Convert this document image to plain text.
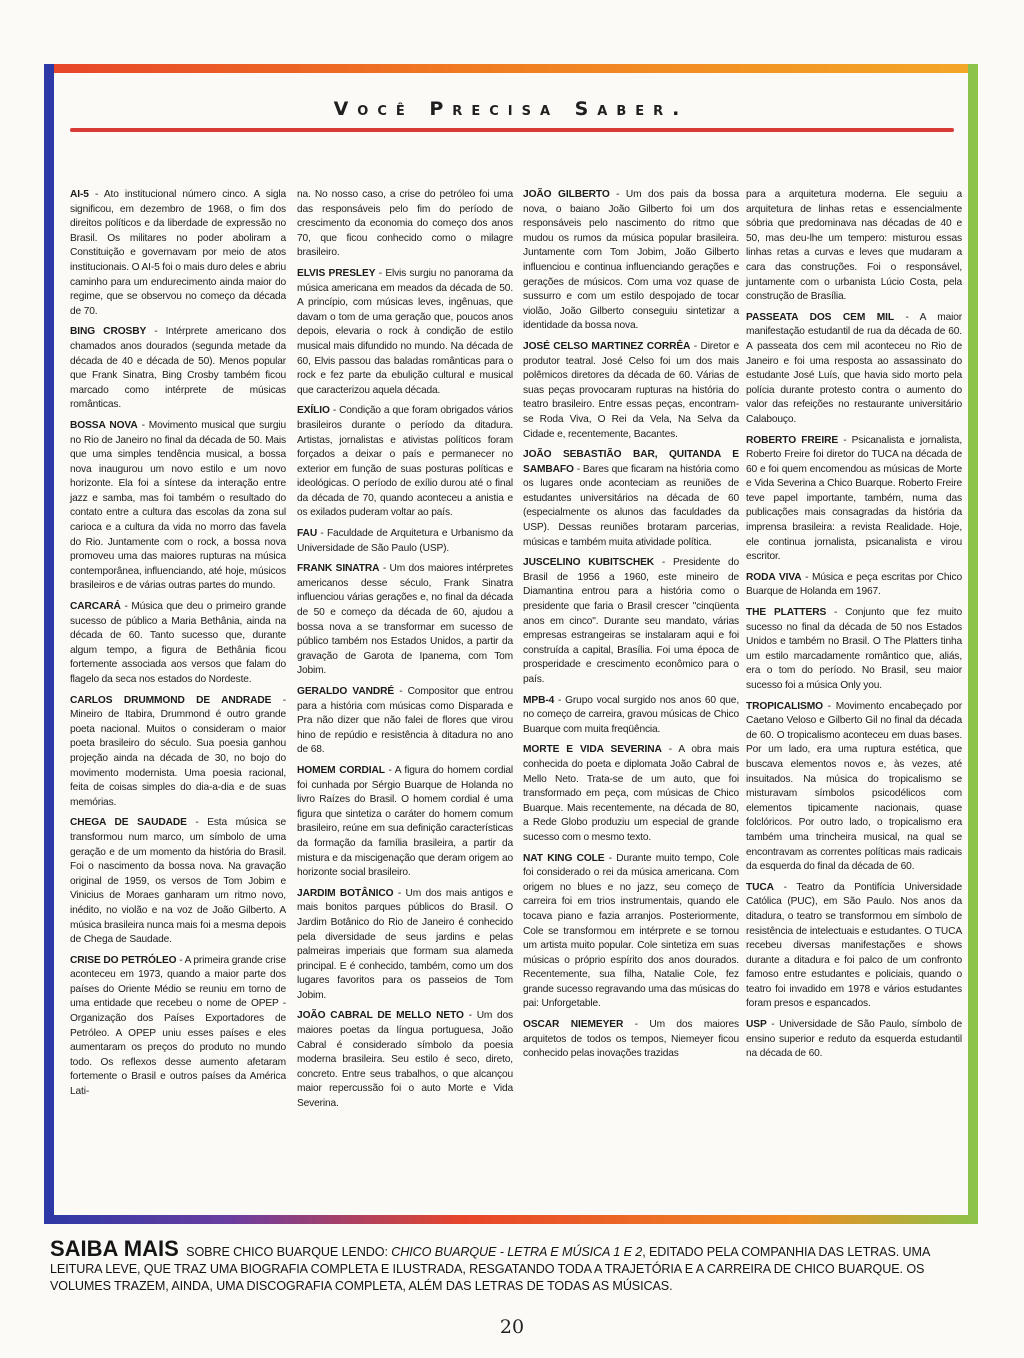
Você Precisa Saber.

AI-5 - Ato institucional número cinco. A sigla significou, em dezembro de 1968, o fim dos direitos políticos e da liberdade de expressão no Brasil. Os militares no poder aboliram a Constituição e governavam por meio de atos institucionais. O AI-5 foi o mais duro deles e abriu caminho para um endurecimento ainda maior do regime, que se observou no começo da década de 70.

BING CROSBY - Intérprete americano dos chamados anos dourados (segunda metade da década de 40 e década de 50). Menos popular que Frank Sinatra, Bing Crosby também ficou marcado como intérprete de músicas românticas.

BOSSA NOVA - Movimento musical que surgiu no Rio de Janeiro no final da década de 50. Mais que uma simples tendência musical, a bossa nova inaugurou um novo estilo e um novo horizonte. Ela foi a síntese da interação entre jazz e samba, mas foi também o resultado do contato entre a cultura das escolas da zona sul carioca e a cultura da vida no morro das favela do Rio. Juntamente com o rock, a bossa nova promoveu uma das maiores rupturas na música contemporânea, influenciando, até hoje, músicos brasileiros e de várias outras partes do mundo.

CARCARÁ - Música que deu o primeiro grande sucesso de público a Maria Bethânia, ainda na década de 60. Tanto sucesso que, durante algum tempo, a figura de Bethânia ficou fortemente associada aos versos que falam do flagelo da seca nos estados do Nordeste.

CARLOS DRUMMOND DE ANDRADE - Mineiro de Itabira, Drummond é outro grande poeta nacional. Muitos o consideram o maior poeta brasileiro do século. Sua poesia ganhou projeção ainda na década de 30, no bojo do movimento modernista. Uma poesia racional, feita de coisas simples do dia-a-dia e de suas memórias.

CHEGA DE SAUDADE - Esta música se transformou num marco, um símbolo de uma geração e de um momento da história do Brasil. Foi o nascimento da bossa nova. Na gravação original de 1959, os versos de Tom Jobim e Vinicius de Moraes ganharam um ritmo novo, inédito, no violão e na voz de João Gilberto. A música brasileira nunca mais foi a mesma depois de Chega de Saudade.

CRISE DO PETRÓLEO - A primeira grande crise aconteceu em 1973, quando a maior parte dos países do Oriente Médio se reuniu em torno de uma entidade que recebeu o nome de OPEP - Organização dos Países Exportadores de Petróleo. A OPEP uniu esses países e eles aumentaram os preços do produto no mundo todo. Os reflexos desse aumento afetaram fortemente o Brasil e outros países da América Lati-

na. No nosso caso, a crise do petróleo foi uma das responsáveis pelo fim do período de crescimento da economia do começo dos anos 70, que ficou conhecido como o milagre brasileiro.

ELVIS PRESLEY - Elvis surgiu no panorama da música americana em meados da década de 50. A princípio, com músicas leves, ingênuas, que davam o tom de uma geração que, poucos anos depois, elevaria o rock à condição de estilo musical mais difundido no mundo. Na década de 60, Elvis passou das baladas românticas para o rock e fez parte da ebulição cultural e musical que caracterizou aquela década.

EXÍLIO - Condição a que foram obrigados vários brasileiros durante o período da ditadura. Artistas, jornalistas e ativistas políticos foram forçados a deixar o país e permanecer no exterior em função de suas posturas políticas e ideológicas. O período de exílio durou até o final da década de 70, quando aconteceu a anistia e os exilados puderam voltar ao país.

FAU - Faculdade de Arquitetura e Urbanismo da Universidade de São Paulo (USP).

FRANK SINATRA - Um dos maiores intérpretes americanos desse século, Frank Sinatra influenciou várias gerações e, no final da década de 50 e começo da década de 60, ajudou a bossa nova a se transformar em sucesso de público também nos Estados Unidos, a partir da gravação de Garota de Ipanema, com Tom Jobim.

GERALDO VANDRÉ - Compositor que entrou para a história com músicas como Disparada e Pra não dizer que não falei de flores que virou hino de repúdio e resistência à ditadura no ano de 68.

HOMEM CORDIAL - A figura do homem cordial foi cunhada por Sérgio Buarque de Holanda no livro Raízes do Brasil. O homem cordial é uma figura que sintetiza o caráter do homem comum brasileiro, reúne em sua definição características da formação da família brasileira, a partir da mistura e da miscigenação que deram origem ao horizonte social brasileiro.

JARDIM BOTÂNICO - Um dos mais antigos e mais bonitos parques públicos do Brasil. O Jardim Botânico do Rio de Janeiro é conhecido pela diversidade de seus jardins e pelas palmeiras imperiais que formam sua alameda principal. E é conhecido, também, como um dos lugares favoritos para os passeios de Tom Jobim.

JOÃO CABRAL DE MELLO NETO - Um dos maiores poetas da língua portuguesa, João Cabral é considerado símbolo da poesia moderna brasileira. Seu estilo é seco, direto, concreto. Entre seus trabalhos, o que alcançou maior repercussão foi o auto Morte e Vida Severina.

JOÃO GILBERTO - Um dos pais da bossa nova, o baiano João Gilberto foi um dos responsáveis pelo nascimento do ritmo que mudou os rumos da música popular brasileira. Juntamente com Tom Jobim, João Gilberto influenciou e continua influenciando gerações e gerações de músicos. Com uma voz quase de sussurro e com um estilo despojado de tocar violão, João Gilberto conseguiu sintetizar a identidade da bossa nova.

JOSÉ CELSO MARTINEZ CORRÊA - Diretor e produtor teatral. José Celso foi um dos mais polêmicos diretores da década de 60. Várias de suas peças provocaram rupturas na história do teatro brasileiro. Entre essas peças, encontram-se Roda Viva, O Rei da Vela, Na Selva da Cidade e, recentemente, Bacantes.

JOÃO SEBASTIÃO BAR, QUITANDA E SAMBAFO - Bares que ficaram na história como os lugares onde aconteciam as reuniões de estudantes universitários na década de 60 (especialmente os alunos das faculdades da USP). Dessas reuniões brotaram parcerias, músicas e também muita atividade política.

JUSCELINO KUBITSCHEK - Presidente do Brasil de 1956 a 1960, este mineiro de Diamantina entrou para a história como o presidente que faria o Brasil crescer "cinqüenta anos em cinco". Durante seu mandato, várias empresas estrangeiras se instalaram aqui e foi construída a capital, Brasília. Foi uma época de prosperidade e crescimento econômico para o país.

MPB-4 - Grupo vocal surgido nos anos 60 que, no começo de carreira, gravou músicas de Chico Buarque com muita freqüência.

MORTE E VIDA SEVERINA - A obra mais conhecida do poeta e diplomata João Cabral de Mello Neto. Trata-se de um auto, que foi transformado em peça, com músicas de Chico Buarque. Mais recentemente, na década de 80, a Rede Globo produziu um especial de grande sucesso com o mesmo texto.

NAT KING COLE - Durante muito tempo, Cole foi considerado o rei da música americana. Com origem no blues e no jazz, seu começo de carreira foi em trios instrumentais, quando ele tocava piano e fazia arranjos. Posteriormente, Cole se transformou em intérprete e se tornou um artista muito popular. Cole sintetiza em suas músicas o próprio espírito dos anos dourados. Recentemente, sua filha, Natalie Cole, fez grande sucesso regravando uma das músicas do pai: Unforgetable.

OSCAR NIEMEYER - Um dos maiores arquitetos de todos os tempos, Niemeyer ficou conhecido pelas inovações trazidas

para a arquitetura moderna. Ele seguiu a arquitetura de linhas retas e essencialmente sóbria que predominava nas décadas de 40 e 50, mas deu-lhe um tempero: misturou essas linhas retas a curvas e leves que mudaram a cara das construções. Foi o responsável, juntamente com o urbanista Lúcio Costa, pela construção de Brasília.

PASSEATA DOS CEM MIL - A maior manifestação estudantil de rua da década de 60. A passeata dos cem mil aconteceu no Rio de Janeiro e foi uma resposta ao assassinato do estudante José Luís, que havia sido morto pela polícia durante protesto contra o aumento do valor das refeições no restaurante universitário Calabouço.

ROBERTO FREIRE - Psicanalista e jornalista, Roberto Freire foi diretor do TUCA na década de 60 e foi quem encomendou as músicas de Morte e Vida Severina a Chico Buarque. Roberto Freire teve papel importante, também, numa das publicações mais consagradas da história da imprensa brasileira: a revista Realidade. Hoje, ele continua jornalista, psicanalista e virou escritor.

RODA VIVA - Música e peça escritas por Chico Buarque de Holanda em 1967.

THE PLATTERS - Conjunto que fez muito sucesso no final da década de 50 nos Estados Unidos e também no Brasil. O The Platters tinha um estilo marcadamente romântico que, aliás, era o tom do período. No Brasil, seu maior sucesso foi a música Only you.

TROPICALISMO - Movimento encabeçado por Caetano Veloso e Gilberto Gil no final da década de 60. O tropicalismo aconteceu em duas bases. Por um lado, era uma ruptura estética, que buscava elementos novos e, às vezes, até insuitados. Na música do tropicalismo se misturavam símbolos psicodélicos com elementos tipicamente nacionais, quase folclóricos. Por outro lado, o tropicalismo era também uma trincheira musical, na qual se encontravam as correntes políticas mais radicais da esquerda do final da década de 60.

TUCA - Teatro da Pontifícia Universidade Católica (PUC), em São Paulo. Nos anos da ditadura, o teatro se transformou em símbolo de resistência de intelectuais e estudantes. O TUCA recebeu diversas manifestações e shows durante a ditadura e foi palco de um confronto famoso entre estudantes e policiais, quando o teatro foi invadido em 1978 e vários estudantes foram presos e espancados.

USP - Universidade de São Paulo, símbolo de ensino superior e reduto da esquerda estudantil na década de 60.

SAIBA MAIS SOBRE CHICO BUARQUE LENDO: CHICO BUARQUE - LETRA E MÚSICA 1 E 2, EDITADO PELA COMPANHIA DAS LETRAS. UMA LEITURA LEVE, QUE TRAZ UMA BIOGRAFIA COMPLETA E ILUSTRADA, RESGATANDO TODA A TRAJETÓRIA E A CARREIRA DE CHICO BUARQUE. OS VOLUMES TRAZEM, AINDA, UMA DISCOGRAFIA COMPLETA, ALÉM DAS LETRAS DE TODAS AS MÚSICAS.
20
